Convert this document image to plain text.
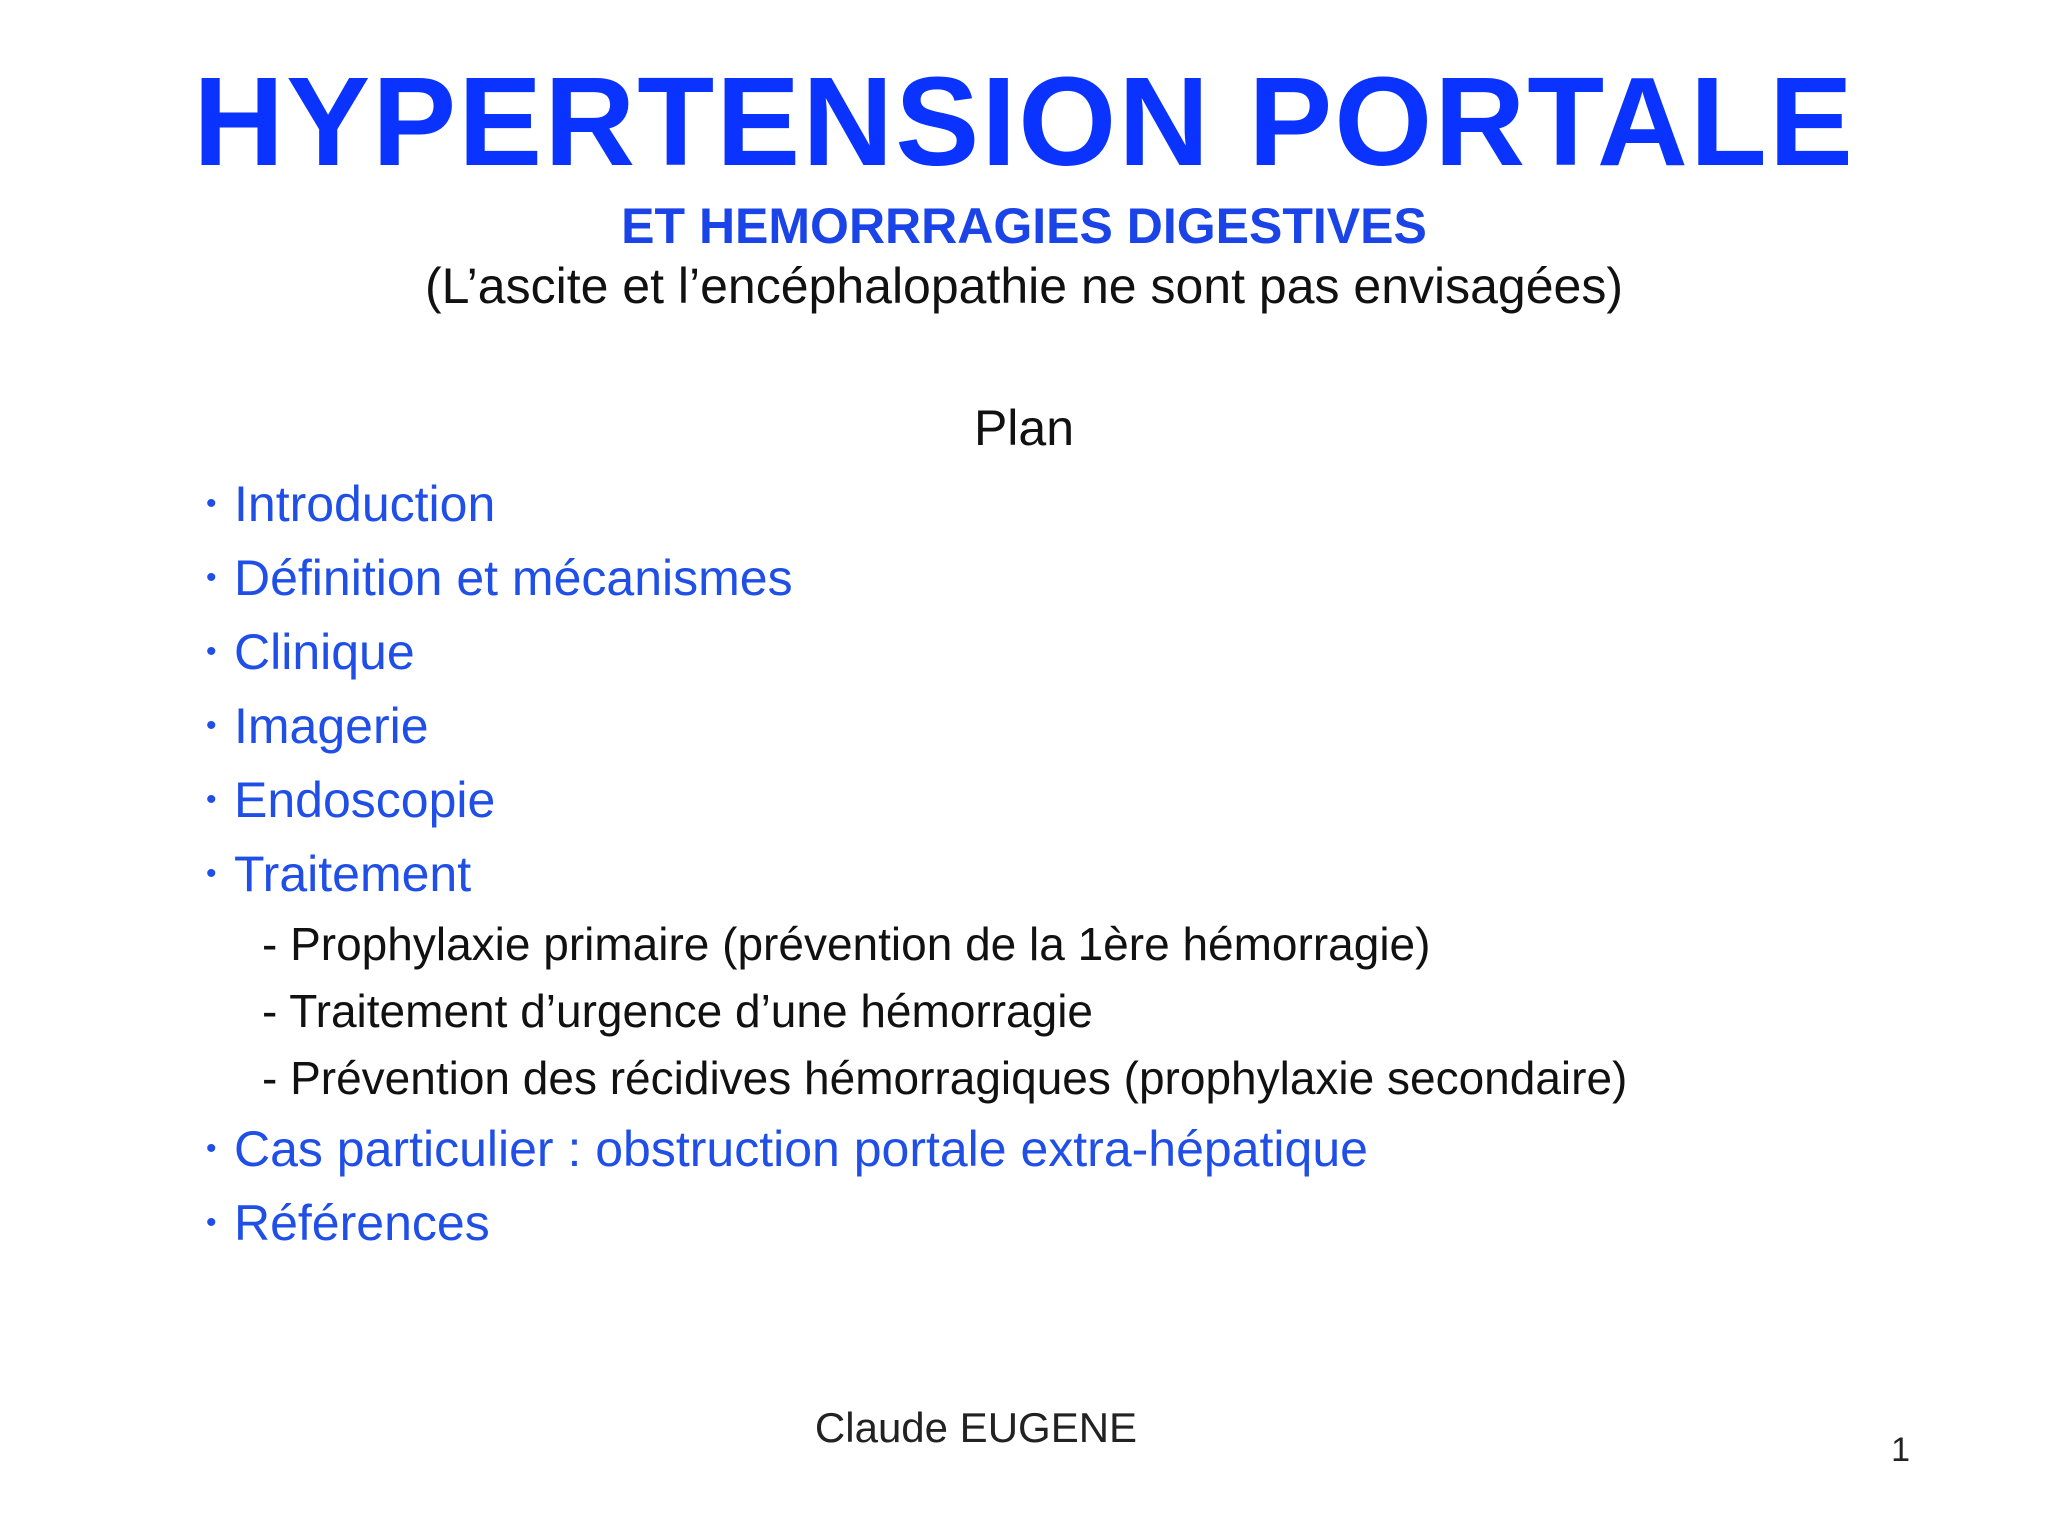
HYPERTENSION PORTALE
ET HEMORRRAGIES DIGESTIVES
(L’ascite et l’encéphalopathie ne sont pas envisagées)
Plan
• Introduction
• Définition et mécanismes
• Clinique
• Imagerie
• Endoscopie
• Traitement
- Prophylaxie primaire (prévention de la 1ère hémorragie)
- Traitement d’urgence d’une hémorragie
- Prévention des récidives hémorragiques (prophylaxie secondaire)
• Cas particulier : obstruction portale extra-hépatique
• Références
Claude EUGENE	1
